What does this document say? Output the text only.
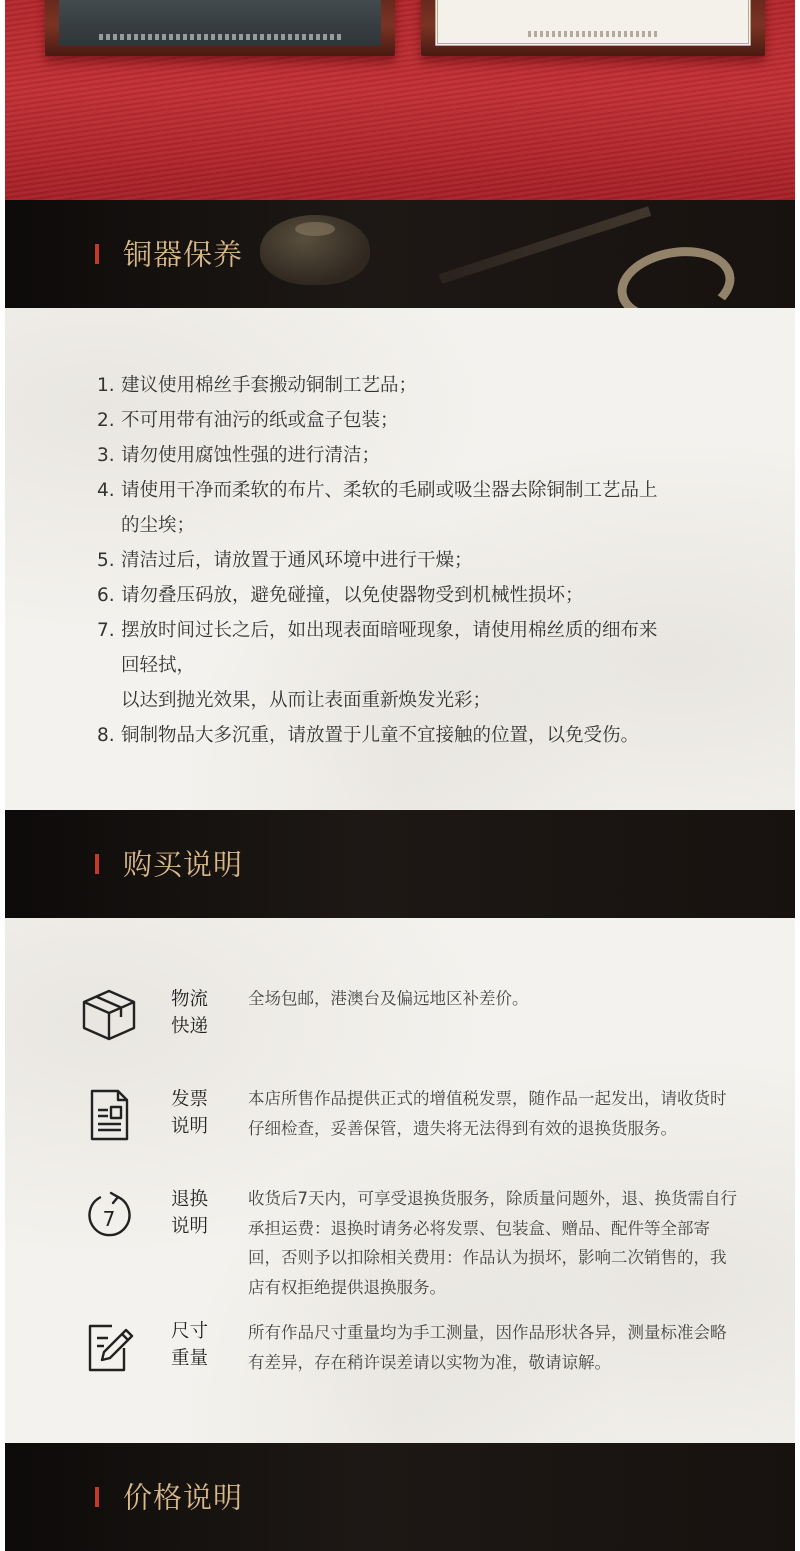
铜器保养
1. 建议使用棉丝手套搬动铜制工艺品；
2. 不可用带有油污的纸或盒子包装；
3. 请勿使用腐蚀性强的进行清洁；
4. 请使用干净而柔软的布片、柔软的毛刷或吸尘器去除铜制工艺品上
的尘埃；
5. 清洁过后，请放置于通风环境中进行干燥；
6. 请勿叠压码放，避免碰撞，以免使器物受到机械性损坏；
7. 摆放时间过长之后，如出现表面暗哑现象，请使用棉丝质的细布来
回轻拭，
以达到抛光效果，从而让表面重新焕发光彩；
8. 铜制物品大多沉重，请放置于儿童不宜接触的位置，以免受伤。
购买说明
物流
快递
全场包邮，港澳台及偏远地区补差价。
发票
说明
本店所售作品提供正式的增值税发票，随作品一起发出，请收货时仔细检查，妥善保管，遗失将无法得到有效的退换货服务。
7
退换
说明
收货后7天内，可享受退换货服务，除质量问题外，退、换货需自行承担运费：退换时请务必将发票、包装盒、赠品、配件等全部寄回，否则予以扣除相关费用：作品认为损坏，影响二次销售的，我店有权拒绝提供退换服务。
尺寸
重量
所有作品尺寸重量均为手工测量，因作品形状各异，测量标准会略有差异，存在稍许误差请以实物为准，敬请谅解。
价格说明
